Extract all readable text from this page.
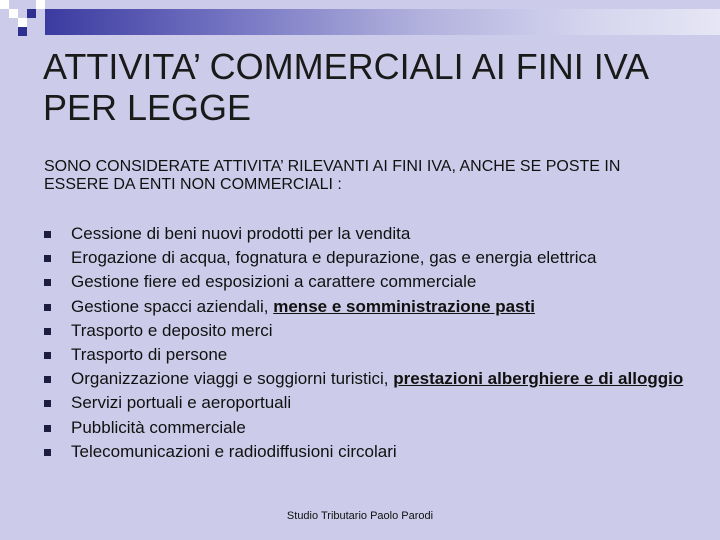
ATTIVITA’ COMMERCIALI AI FINI IVA PER LEGGE

SONO CONSIDERATE ATTIVITA’ RILEVANTI AI FINI IVA, ANCHE SE POSTE IN ESSERE DA ENTI NON COMMERCIALI :

Cessione di beni nuovi prodotti per la vendita
Erogazione di acqua, fognatura e depurazione, gas e energia elettrica
Gestione fiere ed esposizioni a carattere commerciale
Gestione spacci aziendali, mense e somministrazione pasti
Trasporto e deposito merci
Trasporto di persone
Organizzazione viaggi e soggiorni turistici, prestazioni alberghiere e di alloggio
Servizi portuali e aeroportuali
Pubblicità commerciale
Telecomunicazioni e radiodiffusioni circolari
Studio Tributario Paolo Parodi
